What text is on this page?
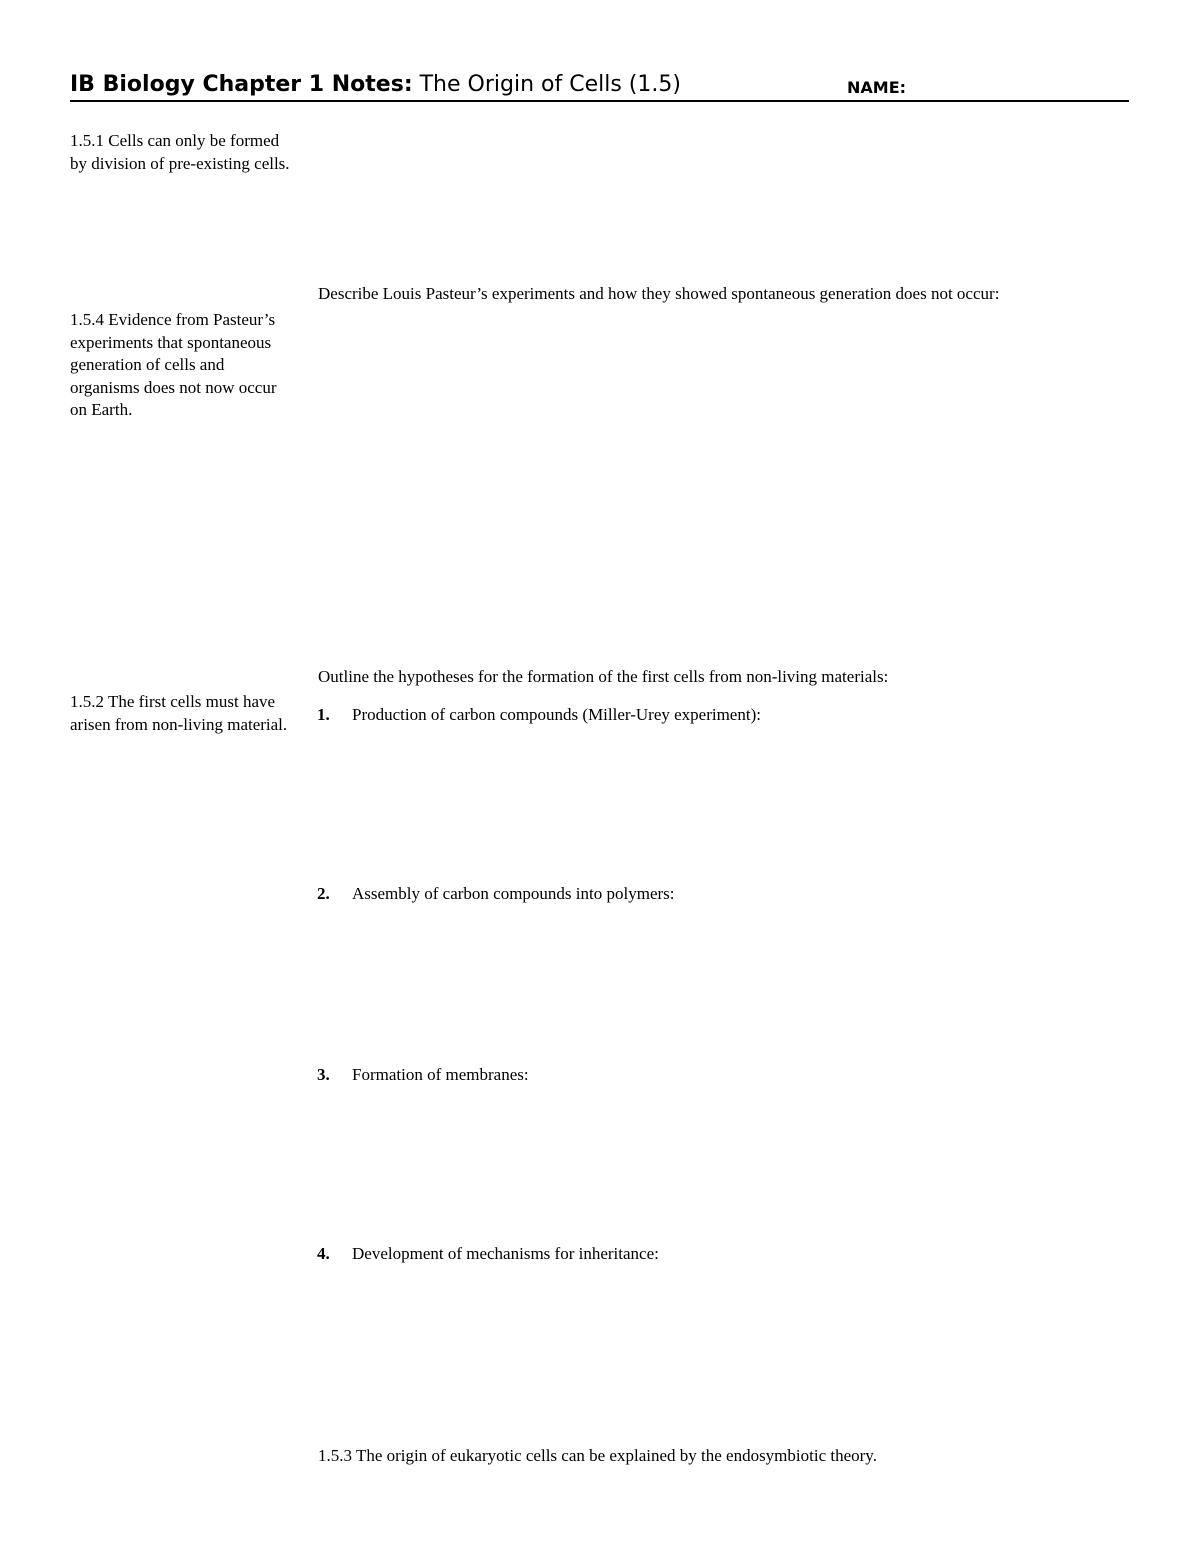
IB Biology Chapter 1 Notes: The Origin of Cells (1.5)	NAME:
1.5.1 Cells can only be formed by division of pre-existing cells.
Describe Louis Pasteur’s experiments and how they showed spontaneous generation does not occur:
1.5.4 Evidence from Pasteur’s experiments that spontaneous generation of cells and organisms does not now occur on Earth.
Outline the hypotheses for the formation of the first cells from non-living materials:
1.5.2 The first cells must have arisen from non-living material. 1. Production of carbon compounds (Miller-Urey experiment):
2. Assembly of carbon compounds into polymers:
3. Formation of membranes:
4. Development of mechanisms for inheritance:
1.5.3 The origin of eukaryotic cells can be explained by the endosymbiotic theory.
